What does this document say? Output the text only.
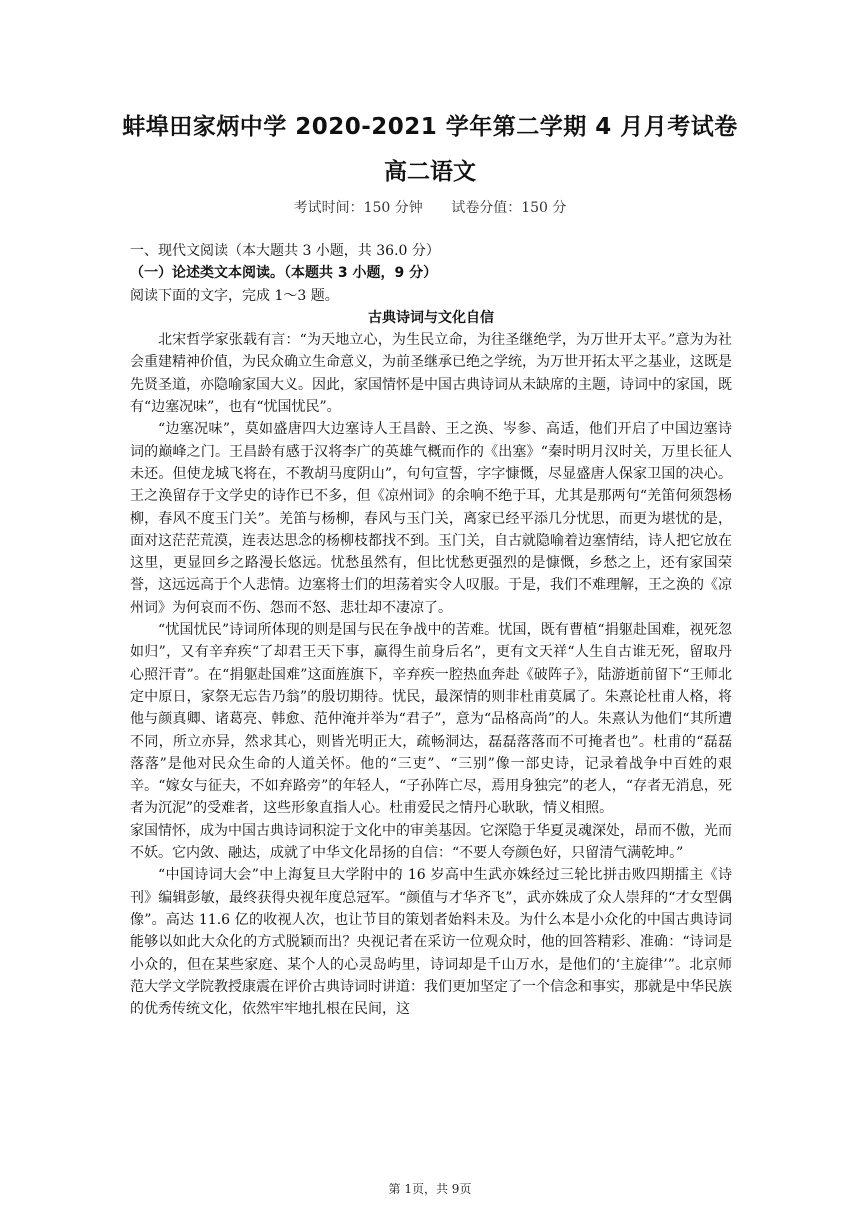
蚌埠田家炳中学 2020-2021 学年第二学期 4 月月考试卷
高二语文
考试时间：150 分钟 试卷分值：150 分

一、现代文阅读（本大题共 3 小题，共 36.0 分）

（一）论述类文本阅读。（本题共 3 小题，9 分）

阅读下面的文字，完成 1～3 题。

古典诗词与文化自信

北宋哲学家张载有言：“为天地立心，为生民立命，为往圣继绝学，为万世开太平。”意为为社会重建精神价值，为民众确立生命意义，为前圣继承已绝之学统，为万世开拓太平之基业，这既是先贤圣道，亦隐喻家国大义。因此，家国情怀是中国古典诗词从未缺席的主题，诗词中的家国，既有“边塞况味”，也有“忧国忧民”。

“边塞况味”，莫如盛唐四大边塞诗人王昌龄、王之涣、岑参、高适，他们开启了中国边塞诗词的巅峰之门。王昌龄有感于汉将李广的英雄气概而作的《出塞》“秦时明月汉时关，万里长征人未还。但使龙城飞将在，不教胡马度阴山”，句句宣誓，字字慷慨，尽显盛唐人保家卫国的决心。王之涣留存于文学史的诗作已不多，但《凉州词》的余响不绝于耳，尤其是那两句“羌笛何须怨杨柳，春风不度玉门关”。羌笛与杨柳，春风与玉门关，离家已经平添几分忧思，而更为堪忧的是，面对这茫茫荒漠，连表达思念的杨柳枝都找不到。玉门关，自古就隐喻着边塞情结，诗人把它放在这里，更显回乡之路漫长悠远。忧愁虽然有，但比忧愁更强烈的是慷慨，乡愁之上，还有家国荣誉，这远远高于个人悲情。边塞将士们的坦荡着实令人叹服。于是，我们不难理解，王之涣的《凉州词》为何哀而不伤、怨而不怒、悲壮却不凄凉了。

“忧国忧民”诗词所体现的则是国与民在争战中的苦难。忧国，既有曹植“捐躯赴国难，视死忽如归”，又有辛弃疾“了却君王天下事，赢得生前身后名”，更有文天祥“人生自古谁无死，留取丹心照汗青”。在“捐躯赴国难”这面旌旗下，辛弃疾一腔热血奔赴《破阵子》，陆游逝前留下“王师北定中原日，家祭无忘告乃翁”的殷切期待。忧民，最深情的则非杜甫莫属了。朱熹论杜甫人格，将他与颜真卿、诸葛亮、韩愈、范仲淹并举为“君子”，意为“品格高尚”的人。朱熹认为他们“其所遭不同，所立亦异，然求其心，则皆光明正大，疏畅洞达，磊磊落落而不可掩者也”。杜甫的“磊磊落落”是他对民众生命的人道关怀。他的“三吏”、“三别”像一部史诗，记录着战争中百姓的艰辛。“嫁女与征夫，不如弃路旁”的年轻人，“子孙阵亡尽，焉用身独完”的老人，“存者无消息，死者为沉泥”的受难者，这些形象直指人心。杜甫爱民之情丹心耿耿，情义相照。

家国情怀，成为中国古典诗词积淀于文化中的审美基因。它深隐于华夏灵魂深处，昂而不傲，光而不妖。它内敛、融达，成就了中华文化昂扬的自信：“不要人夸颜色好，只留清气满乾坤。”

“中国诗词大会”中上海复旦大学附中的 16 岁高中生武亦姝经过三轮比拼击败四期擂主《诗刊》编辑彭敏，最终获得央视年度总冠军。“颜值与才华齐飞”，武亦姝成了众人崇拜的“才女型偶像”。高达 11.6 亿的收视人次，也让节目的策划者始料未及。为什么本是小众化的中国古典诗词能够以如此大众化的方式脱颖而出？央视记者在采访一位观众时，他的回答精彩、准确：“诗词是小众的，但在某些家庭、某个人的心灵岛屿里，诗词却是千山万水，是他们的‘主旋律’”。北京师范大学文学院教授康震在评价古典诗词时讲道：我们更加坚定了一个信念和事实，那就是中华民族的优秀传统文化，依然牢牢地扎根在民间，这

第 1页，共 9页
